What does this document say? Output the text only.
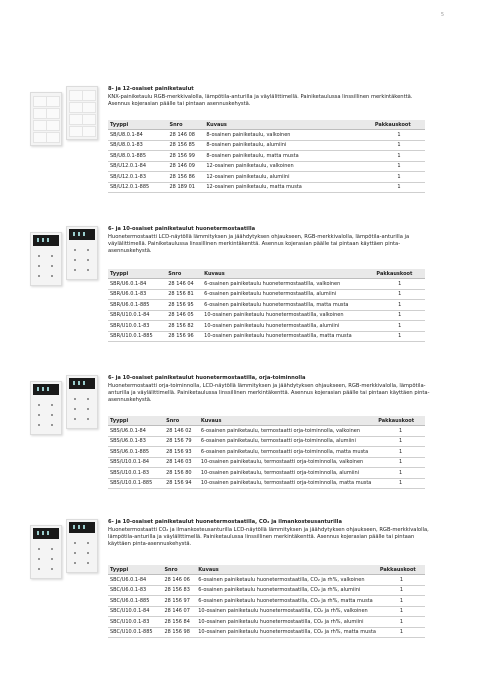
5

8- ja 12-osaiset painiketaulut

KNX-painiketaulu RGB-merkkivalolla, lämpötila-anturilla ja väylälittimellä. Painiketaulussa linssillinen merkintäkenttä. Asennus kojerasian päälle tai pintaan asennuskehystä.

Tyyppi	Snro	Kuvaus	Pakkauskoot
SB/U8.0.1-84	28 146 08	8-osainen painiketaulu, valkoinen	1
SB/U8.0.1-83	28 156 85	8-osainen painiketaulu, alumiini	1
SB/U8.0.1-885	28 156 99	8-osainen painiketaulu, matta musta	1
SB/U12.0.1-84	28 146 09	12-osainen painiketaulu, valkoinen	1
SB/U12.0.1-83	28 156 86	12-osainen painiketaulu, alumiini	1
SB/U12.0.1-885	28 189 01	12-osainen painiketaulu, matta musta	1

6- ja 10-osaiset painiketaulut huonetermostaatilla

Huonetermostaatti LCD-näytöllä lämmityksen ja jäähdytyksen ohjaukseen, RGB-merkkivalolla, lämpötila-anturilla ja väylälittimellä. Painiketaulussa linssillinen merkintäkenttä. Asennus kojerasian päälle tai pintaan käyttäen pinta-asennuskehystä.

Tyyppi	Snro	Kuvaus	Pakkauskoot
SBR/U6.0.1-84	28 146 04	6-osainen painiketaulu huonetermostaatilla, valkoinen	1
SBR/U6.0.1-83	28 156 81	6-osainen painiketaulu huonetermostaatilla, alumiini	1
SBR/U6.0.1-885	28 156 95	6-osainen painiketaulu huonetermostaatilla, matta musta	1
SBR/U10.0.1-84	28 146 05	10-osainen painiketaulu huonetermostaatilla, valkoinen	1
SBR/U10.0.1-83	28 156 82	10-osainen painiketaulu huonetermostaatilla, alumiini	1
SBR/U10.0.1-885	28 156 96	10-osainen painiketaulu huonetermostaatilla, matta musta	1

6- ja 10-osaiset painiketaulut huonetermostaatilla, orja-toiminnolla

Huonetermostaatti orja-toiminnolla, LCD-näytöllä lämmityksen ja jäähdytyksen ohjaukseen, RGB-merkkivalolla, lämpötila-anturilla ja väylälittimellä. Painiketaulussa linssillinen merkintäkenttä. Asennus kojerasian päälle tai pintaan käyttäen pinta-asennuskehystä.

Tyyppi	Snro	Kuvaus	Pakkauskoot
SBS/U6.0.1-84	28 146 02	6-osainen painiketaulu, termostaatti orja-toiminnolla, valkoinen	1
SBS/U6.0.1-83	28 156 79	6-osainen painiketaulu, termostaatti orja-toiminnolla, alumiini	1
SBS/U6.0.1-885	28 156 93	6-osainen painiketaulu, termostaatti orja-toiminnolla, matta musta	1
SBS/U10.0.1-84	28 146 03	10-osainen painiketaulu, termostaatti orja-toiminnolla, valkoinen	1
SBS/U10.0.1-83	28 156 80	10-osainen painiketaulu, termostaatti orja-toiminnolla, alumiini	1
SBS/U10.0.1-885	28 156 94	10-osainen painiketaulu, termostaatti orja-toiminnolla, matta musta	1

6- ja 10-osaiset painiketaulut huonetermostaatilla, CO₂ ja ilmankosteusanturilla

Huonetermostaatti CO₂ ja ilmankosteusanturilla LCD-näytöllä lämmityksen ja jäähdytyksen ohjaukseen, RGB-merkkivalolla, lämpötila-anturilla ja väylälittimellä. Painiketaulussa linssillinen merkintäkenttä. Asennus kojerasian päälle tai pintaan käyttäen pinta-asennuskehystä.

Tyyppi	Snro	Kuvaus	Pakkauskoot
SBC/U6.0.1-84	28 146 06	6-osainen painiketaulu huonetermostaatilla, CO₂ ja rh%, valkoinen	1
SBC/U6.0.1-83	28 156 83	6-osainen painiketaulu huonetermostaatilla, CO₂ ja rh%, alumiini	1
SBC/U6.0.1-885	28 156 97	6-osainen painiketaulu huonetermostaatilla, CO₂ ja rh%, matta musta	1
SBC/U10.0.1-84	28 146 07	10-osainen painiketaulu huonetermostaatilla, CO₂ ja rh%, valkoinen	1
SBC/U10.0.1-83	28 156 84	10-osainen painiketaulu huonetermostaatilla, CO₂ ja rh%, alumiini	1
SBC/U10.0.1-885	28 156 98	10-osainen painiketaulu huonetermostaatilla, CO₂ ja rh%, matta musta	1
